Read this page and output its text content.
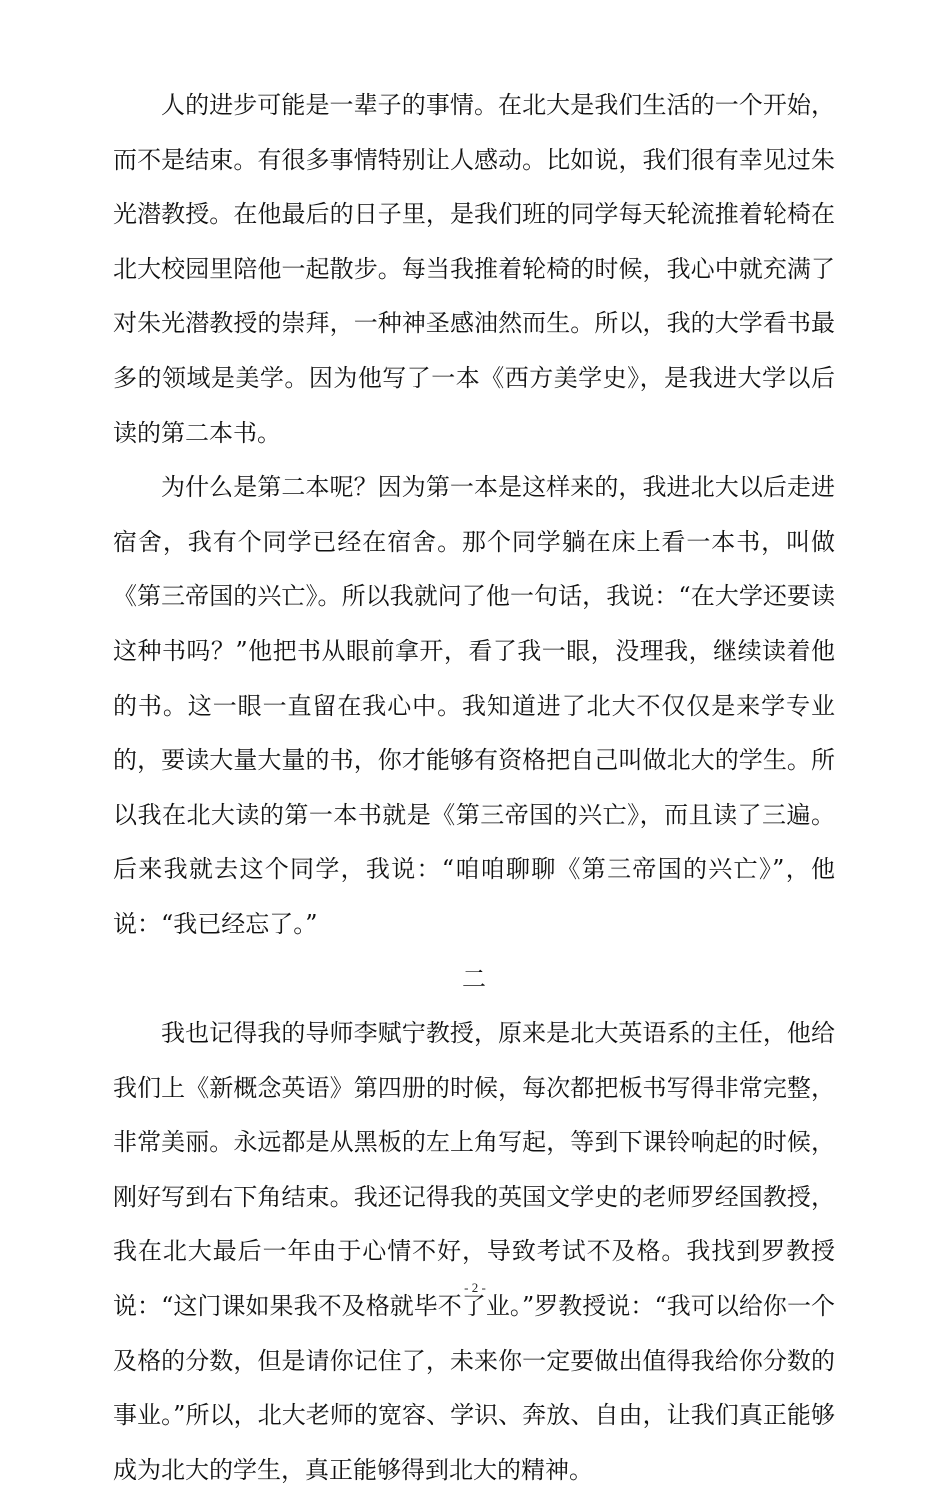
人的进步可能是一辈子的事情。在北大是我们生活的一个开始，而不是结束。有很多事情特别让人感动。比如说，我们很有幸见过朱光潜教授。在他最后的日子里，是我们班的同学每天轮流推着轮椅在北大校园里陪他一起散步。每当我推着轮椅的时候，我心中就充满了对朱光潜教授的崇拜，一种神圣感油然而生。所以，我的大学看书最多的领域是美学。因为他写了一本《西方美学史》，是我进大学以后读的第二本书。

为什么是第二本呢？因为第一本是这样来的，我进北大以后走进宿舍，我有个同学已经在宿舍。那个同学躺在床上看一本书，叫做《第三帝国的兴亡》。所以我就问了他一句话，我说：“在大学还要读这种书吗？”他把书从眼前拿开，看了我一眼，没理我，继续读着他的书。这一眼一直留在我心中。我知道进了北大不仅仅是来学专业的，要读大量大量的书，你才能够有资格把自己叫做北大的学生。所以我在北大读的第一本书就是《第三帝国的兴亡》，而且读了三遍。后来我就去这个同学，我说：“咱咱聊聊《第三帝国的兴亡》”，他说：“我已经忘了。”

二

我也记得我的导师李赋宁教授，原来是北大英语系的主任，他给我们上《新概念英语》第四册的时候，每次都把板书写得非常完整，非常美丽。永远都是从黑板的左上角写起，等到下课铃响起的时候，刚好写到右下角结束。我还记得我的英国文学史的老师罗经国教授，我在北大最后一年由于心情不好，导致考试不及格。我找到罗教授说：“这门课如果我不及格就毕不了业。”罗教授说：“我可以给你一个及格的分数，但是请你记住了，未来你一定要做出值得我给你分数的事业。”所以，北大老师的宽容、学识、奔放、自由，让我们真正能够成为北大的学生，真正能够得到北大的精神。

- 2 -
